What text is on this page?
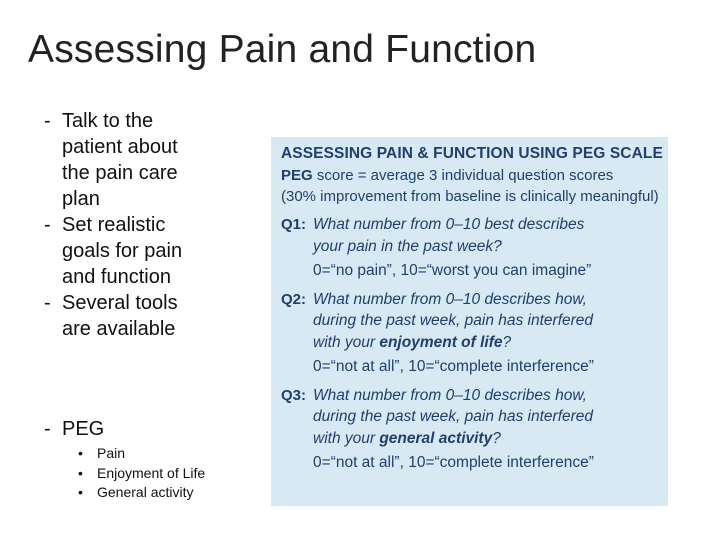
Assessing Pain and Function
- Talk to the
patient about
the pain care
plan
- Set realistic
goals for pain
and function
- Several tools
are available
- PEG
• Pain
• Enjoyment of Life
• General activity
ASSESSING PAIN & FUNCTION USING PEG SCALE
PEG score = average 3 individual question scores
(30% improvement from baseline is clinically meaningful)
Q1: What number from 0–10 best describes
your pain in the past week?
0=“no pain”, 10=“worst you can imagine”
Q2: What number from 0–10 describes how,
during the past week, pain has interfered
with your enjoyment of life?
0=“not at all”, 10=“complete interference”
Q3: What number from 0–10 describes how,
during the past week, pain has interfered
with your general activity?
0=“not at all”, 10=“complete interference”
